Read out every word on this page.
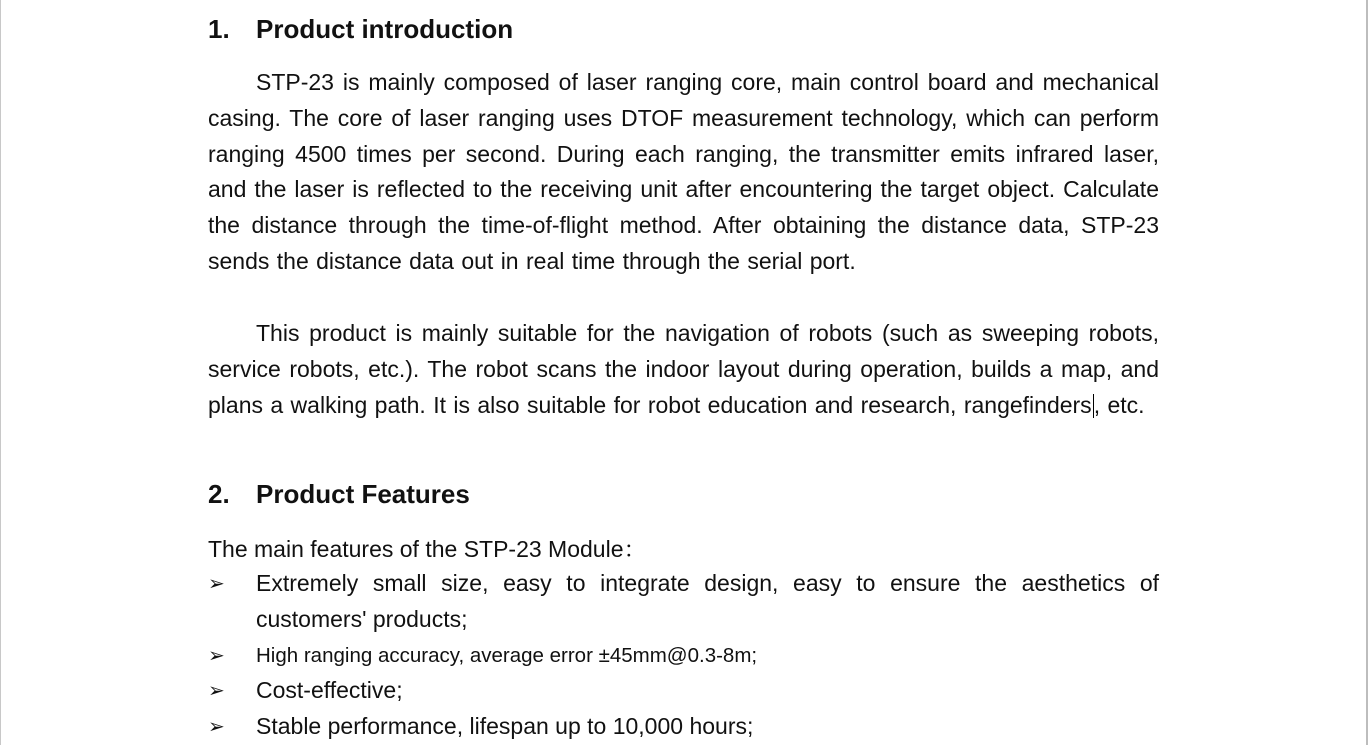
1. Product introduction

STP-23 is mainly composed of laser ranging core, main control board and mechanical casing. The core of laser ranging uses DTOF measurement technology, which can perform ranging 4500 times per second. During each ranging, the transmitter emits infrared laser, and the laser is reflected to the receiving unit after encountering the target object. Calculate the distance through the time-of-flight method. After obtaining the distance data, STP-23 sends the distance data out in real time through the serial port.

This product is mainly suitable for the navigation of robots (such as sweeping robots, service robots, etc.). The robot scans the indoor layout during operation, builds a map, and plans a walking path. It is also suitable for robot education and research, rangefinders, etc.

2. Product Features
The main features of the STP-23 Module：
➢	Extremely small size, easy to integrate design, easy to ensure the aesthetics of customers' products;
➢	High ranging accuracy, average error ±45mm@0.3-8m;
➢	Cost-effective;
➢	Stable performance, lifespan up to 10,000 hours;
